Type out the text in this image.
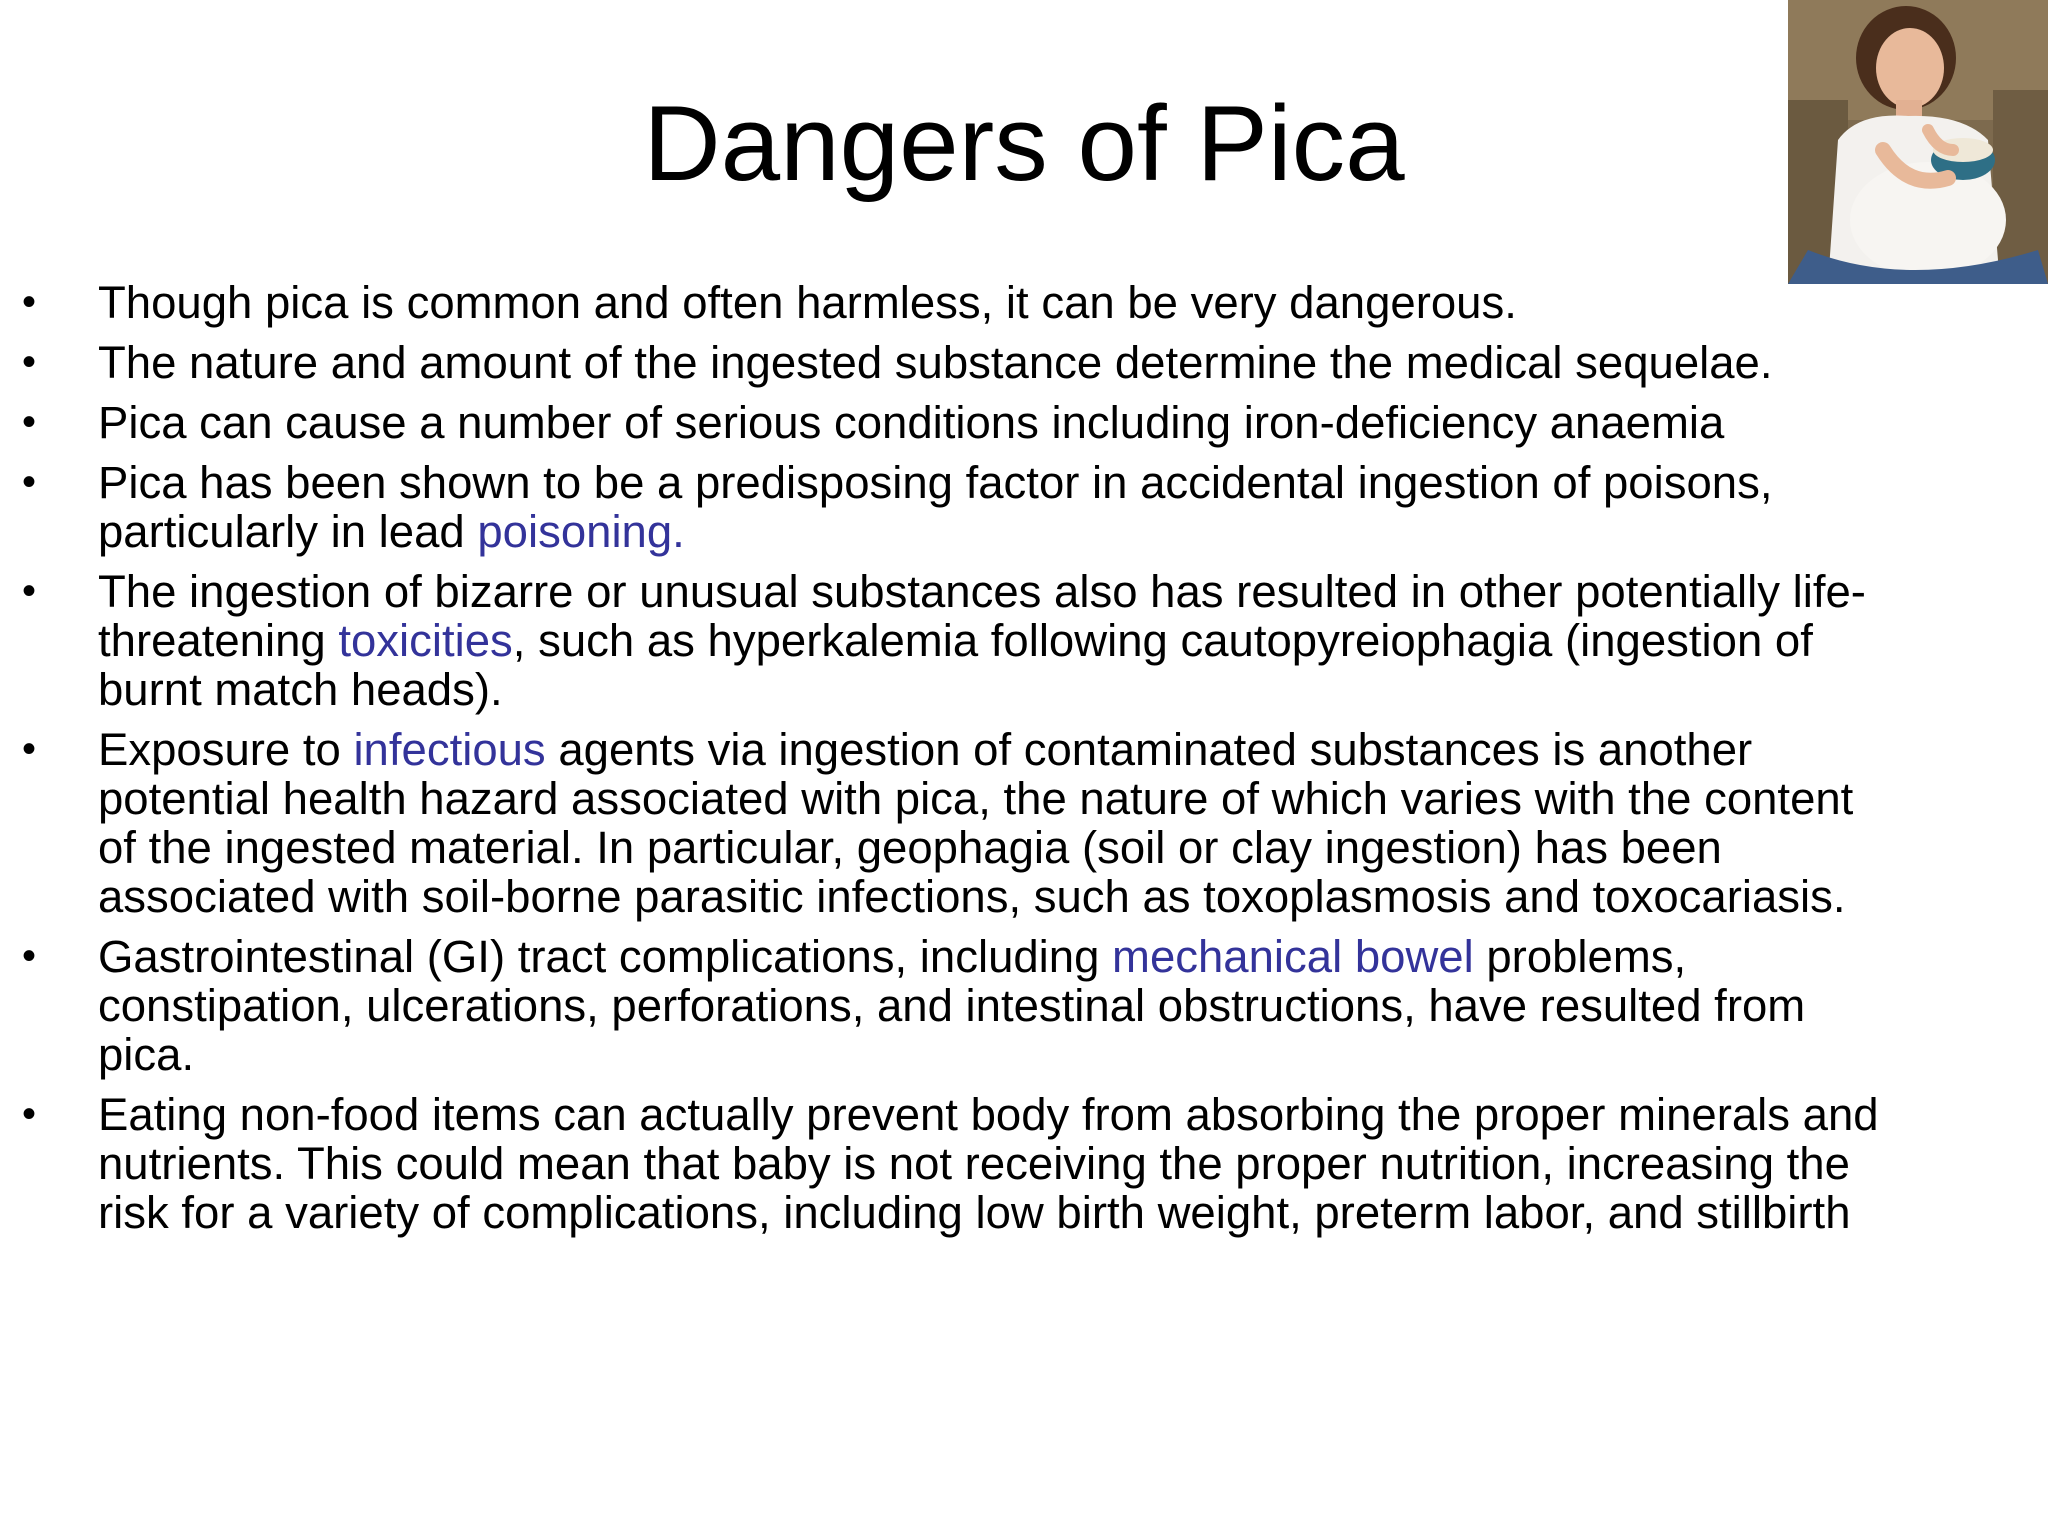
Dangers of Pica
•	Though pica is common and often harmless, it can be very dangerous.
•	The nature and amount of the ingested substance determine the medical sequelae.
•	Pica can cause a number of serious conditions including iron-deficiency anaemia
•	Pica has been shown to be a predisposing factor in accidental ingestion of poisons, particularly in lead poisoning.
•	The ingestion of bizarre or unusual substances also has resulted in other potentially life-threatening toxicities, such as hyperkalemia following cautopyreiophagia (ingestion of burnt match heads).
•	Exposure to infectious agents via ingestion of contaminated substances is another potential health hazard associated with pica, the nature of which varies with the content of the ingested material. In particular, geophagia (soil or clay ingestion) has been associated with soil-borne parasitic infections, such as toxoplasmosis and toxocariasis.
•	Gastrointestinal (GI) tract complications, including mechanical bowel problems, constipation, ulcerations, perforations, and intestinal obstructions, have resulted from pica.
•	Eating non-food items can actually prevent body from absorbing the proper minerals and nutrients. This could mean that baby is not receiving the proper nutrition, increasing the risk for a variety of complications, including low birth weight, preterm labor, and stillbirth
